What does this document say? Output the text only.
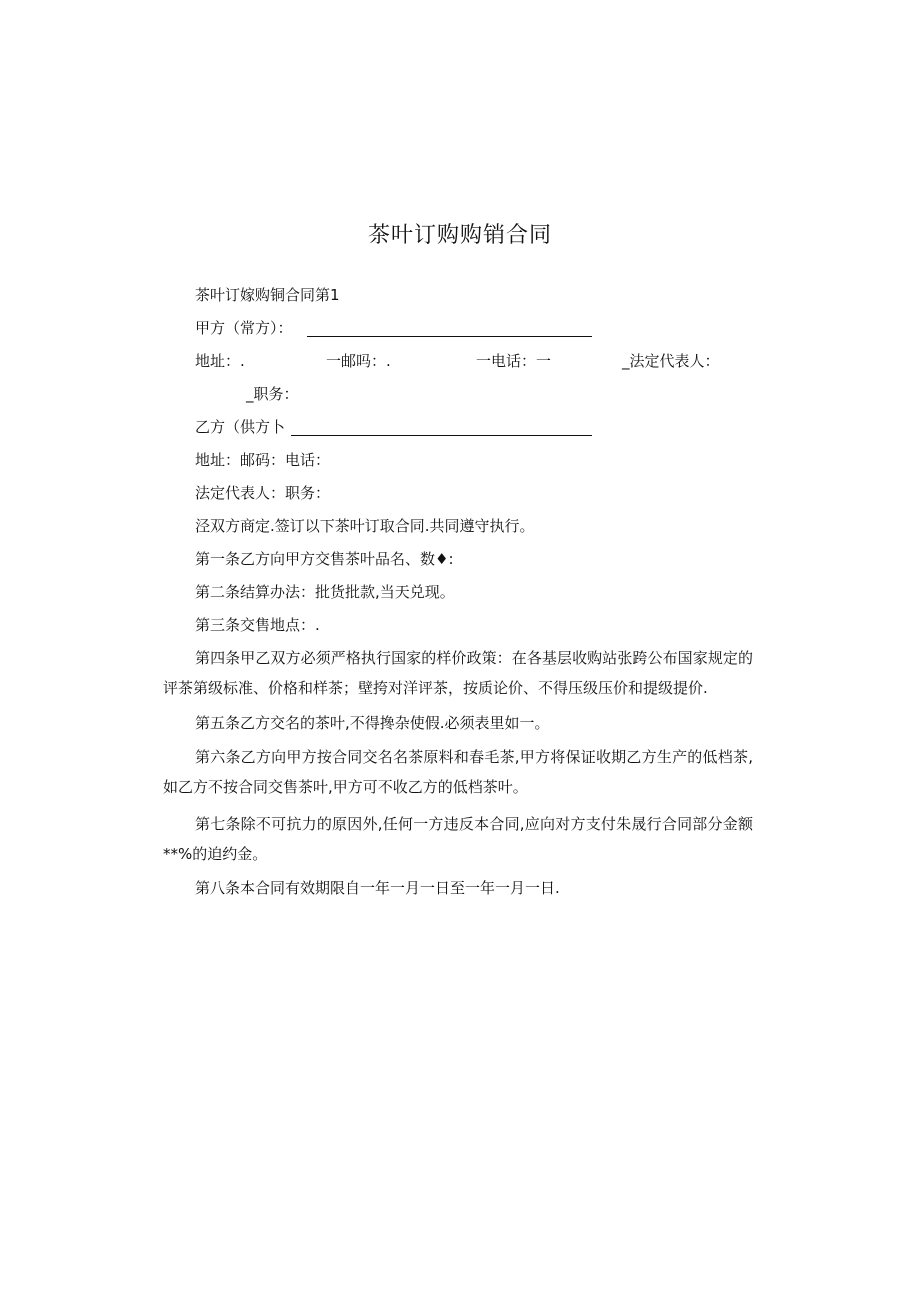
茶叶订购购销合同
茶叶订嫁购铜合同第1
甲方（常方）：
地址：.	一邮吗：.	一电话：一	_法定代表人：
_职务：
乙方（供方卜
地址：邮码：电话：
法定代表人：职务：
泾双方商定.签订以下茶叶订取合同.共同遵守执行。
第一条乙方向甲方交售茶叶品名、数♦:
第二条结算办法：批货批款,当天兑现。
第三条交售地点：.
第四条甲乙双方必须严格执行国家的样价政策：在各基层收购站张跨公布国家规定的评茶第级标准、价格和样茶；壁挎对洋评茶，按质论价、不得压级压价和提级提价.
第五条乙方交名的茶叶,不得搀杂使假.必须表里如一。
第六条乙方向甲方按合同交名名茶原料和春毛茶,甲方将保证收期乙方生产的低档茶,如乙方不按合同交售茶叶,甲方可不收乙方的低档茶叶。
第七条除不可抗力的原因外,任何一方违反本合同,应向对方支付朱晟行合同部分金额**%的迫约金。
第八条本合同有效期限自一年一月一日至一年一月一日.
